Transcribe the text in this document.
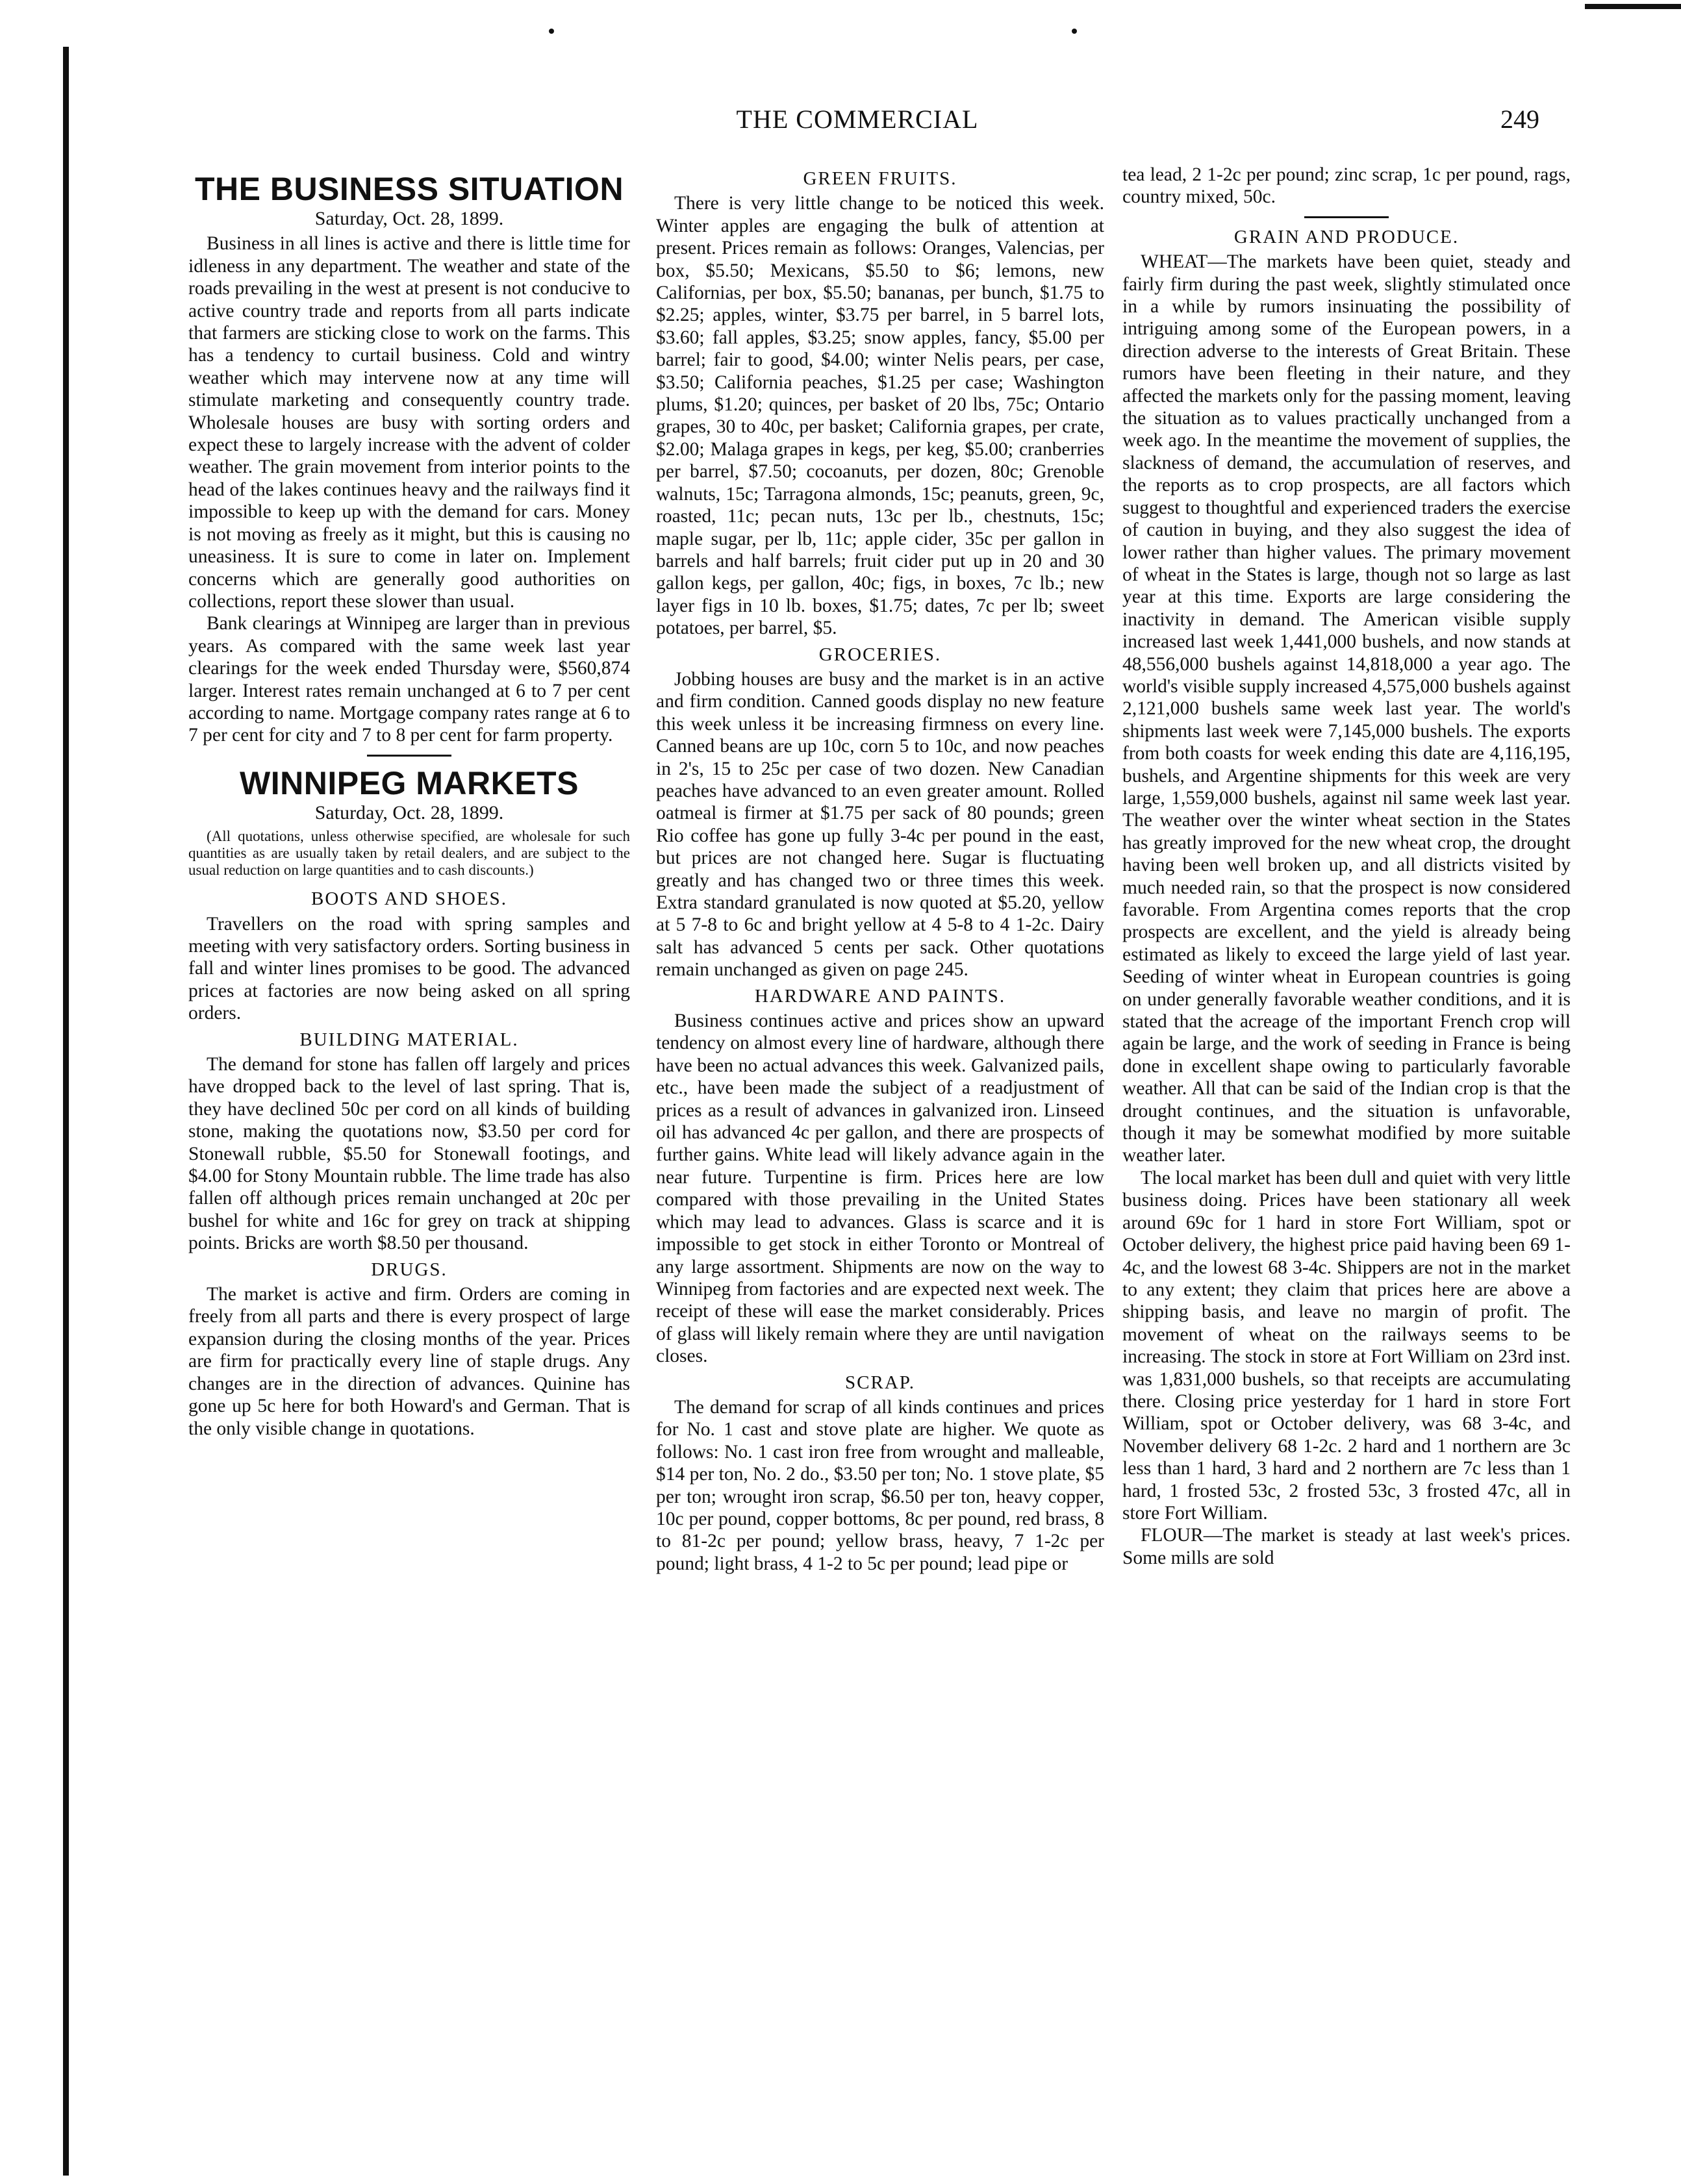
THE COMMERCIAL	249
THE BUSINESS SITUATION
Saturday, Oct. 28, 1899.

Business in all lines is active and there is little time for idleness in any department. The weather and state of the roads prevailing in the west at present is not conducive to active country trade and reports from all parts indicate that farmers are sticking close to work on the farms. This has a tendency to curtail business. Cold and wintry weather which may intervene now at any time will stimulate marketing and consequently country trade. Wholesale houses are busy with sorting orders and expect these to largely increase with the advent of colder weather. The grain movement from interior points to the head of the lakes continues heavy and the railways find it impossible to keep up with the demand for cars. Money is not moving as freely as it might, but this is causing no uneasiness. It is sure to come in later on. Implement concerns which are generally good authorities on collections, report these slower than usual.

Bank clearings at Winnipeg are larger than in previous years. As compared with the same week last year clearings for the week ended Thursday were, $560,874 larger. Interest rates remain unchanged at 6 to 7 per cent according to name. Mortgage company rates range at 6 to 7 per cent for city and 7 to 8 per cent for farm property.

WINNIPEG MARKETS
Saturday, Oct. 28, 1899.
(All quotations, unless otherwise specified, are wholesale for such quantities as are usually taken by retail dealers, and are subject to the usual reduction on large quantities and to cash discounts.)
BOOTS AND SHOES.

Travellers on the road with spring samples and meeting with very satisfactory orders. Sorting business in fall and winter lines promises to be good. The advanced prices at factories are now being asked on all spring orders.

BUILDING MATERIAL.

The demand for stone has fallen off largely and prices have dropped back to the level of last spring. That is, they have declined 50c per cord on all kinds of building stone, making the quotations now, $3.50 per cord for Stonewall rubble, $5.50 for Stonewall footings, and $4.00 for Stony Mountain rubble. The lime trade has also fallen off although prices remain unchanged at 20c per bushel for white and 16c for grey on track at shipping points. Bricks are worth $8.50 per thousand.

DRUGS.

The market is active and firm. Orders are coming in freely from all parts and there is every prospect of large expansion during the closing months of the year. Prices are firm for practically every line of staple drugs. Any changes are in the direction of advances. Quinine has gone up 5c here for both Howard's and German. That is the only visible change in quotations.

GREEN FRUITS.

There is very little change to be noticed this week. Winter apples are engaging the bulk of attention at present. Prices remain as follows: Oranges, Valencias, per box, $5.50; Mexicans, $5.50 to $6; lemons, new Californias, per box, $5.50; bananas, per bunch, $1.75 to $2.25; apples, winter, $3.75 per barrel, in 5 barrel lots, $3.60; fall apples, $3.25; snow apples, fancy, $5.00 per barrel; fair to good, $4.00; winter Nelis pears, per case, $3.50; California peaches, $1.25 per case; Washington plums, $1.20; quinces, per basket of 20 lbs, 75c; Ontario grapes, 30 to 40c, per basket; California grapes, per crate, $2.00; Malaga grapes in kegs, per keg, $5.00; cranberries per barrel, $7.50; cocoanuts, per dozen, 80c; Grenoble walnuts, 15c; Tarragona almonds, 15c; peanuts, green, 9c, roasted, 11c; pecan nuts, 13c per lb., chestnuts, 15c; maple sugar, per lb, 11c; apple cider, 35c per gallon in barrels and half barrels; fruit cider put up in 20 and 30 gallon kegs, per gallon, 40c; figs, in boxes, 7c lb.; new layer figs in 10 lb. boxes, $1.75; dates, 7c per lb; sweet potatoes, per barrel, $5.

GROCERIES.

Jobbing houses are busy and the market is in an active and firm condition. Canned goods display no new feature this week unless it be increasing firmness on every line. Canned beans are up 10c, corn 5 to 10c, and now peaches in 2's, 15 to 25c per case of two dozen. New Canadian peaches have advanced to an even greater amount. Rolled oatmeal is firmer at $1.75 per sack of 80 pounds; green Rio coffee has gone up fully 3-4c per pound in the east, but prices are not changed here. Sugar is fluctuating greatly and has changed two or three times this week. Extra standard granulated is now quoted at $5.20, yellow at 5 7-8 to 6c and bright yellow at 4 5-8 to 4 1-2c. Dairy salt has advanced 5 cents per sack. Other quotations remain unchanged as given on page 245.

HARDWARE AND PAINTS.

Business continues active and prices show an upward tendency on almost every line of hardware, although there have been no actual advances this week. Galvanized pails, etc., have been made the subject of a readjustment of prices as a result of advances in galvanized iron. Linseed oil has advanced 4c per gallon, and there are prospects of further gains. White lead will likely advance again in the near future. Turpentine is firm. Prices here are low compared with those prevailing in the United States which may lead to advances. Glass is scarce and it is impossible to get stock in either Toronto or Montreal of any large assortment. Shipments are now on the way to Winnipeg from factories and are expected next week. The receipt of these will ease the market considerably. Prices of glass will likely remain where they are until navigation closes.

SCRAP.

The demand for scrap of all kinds continues and prices for No. 1 cast and stove plate are higher. We quote as follows: No. 1 cast iron free from wrought and malleable, $14 per ton, No. 2 do., $3.50 per ton; No. 1 stove plate, $5 per ton; wrought iron scrap, $6.50 per ton, heavy copper, 10c per pound, copper bottoms, 8c per pound, red brass, 8 to 81-2c per pound; yellow brass, heavy, 7 1-2c per pound; light brass, 4 1-2 to 5c per pound; lead pipe or

tea lead, 2 1-2c per pound; zinc scrap, 1c per pound, rags, country mixed, 50c.

GRAIN AND PRODUCE.

WHEAT—The markets have been quiet, steady and fairly firm during the past week, slightly stimulated once in a while by rumors insinuating the possibility of intriguing among some of the European powers, in a direction adverse to the interests of Great Britain. These rumors have been fleeting in their nature, and they affected the markets only for the passing moment, leaving the situation as to values practically unchanged from a week ago. In the meantime the movement of supplies, the slackness of demand, the accumulation of reserves, and the reports as to crop prospects, are all factors which suggest to thoughtful and experienced traders the exercise of caution in buying, and they also suggest the idea of lower rather than higher values. The primary movement of wheat in the States is large, though not so large as last year at this time. Exports are large considering the inactivity in demand. The American visible supply increased last week 1,441,000 bushels, and now stands at 48,556,000 bushels against 14,818,000 a year ago. The world's visible supply increased 4,575,000 bushels against 2,121,000 bushels same week last year. The world's shipments last week were 7,145,000 bushels. The exports from both coasts for week ending this date are 4,116,195, bushels, and Argentine shipments for this week are very large, 1,559,000 bushels, against nil same week last year. The weather over the winter wheat section in the States has greatly improved for the new wheat crop, the drought having been well broken up, and all districts visited by much needed rain, so that the prospect is now considered favorable. From Argentina comes reports that the crop prospects are excellent, and the yield is already being estimated as likely to exceed the large yield of last year. Seeding of winter wheat in European countries is going on under generally favorable weather conditions, and it is stated that the acreage of the important French crop will again be large, and the work of seeding in France is being done in excellent shape owing to particularly favorable weather. All that can be said of the Indian crop is that the drought continues, and the situation is unfavorable, though it may be somewhat modified by more suitable weather later.

The local market has been dull and quiet with very little business doing. Prices have been stationary all week around 69c for 1 hard in store Fort William, spot or October delivery, the highest price paid having been 69 1-4c, and the lowest 68 3-4c. Shippers are not in the market to any extent; they claim that prices here are above a shipping basis, and leave no margin of profit. The movement of wheat on the railways seems to be increasing. The stock in store at Fort William on 23rd inst. was 1,831,000 bushels, so that receipts are accumulating there. Closing price yesterday for 1 hard in store Fort William, spot or October delivery, was 68 3-4c, and November delivery 68 1-2c. 2 hard and 1 northern are 3c less than 1 hard, 3 hard and 2 northern are 7c less than 1 hard, 1 frosted 53c, 2 frosted 53c, 3 frosted 47c, all in store Fort William.

FLOUR—The market is steady at last week's prices. Some mills are sold
